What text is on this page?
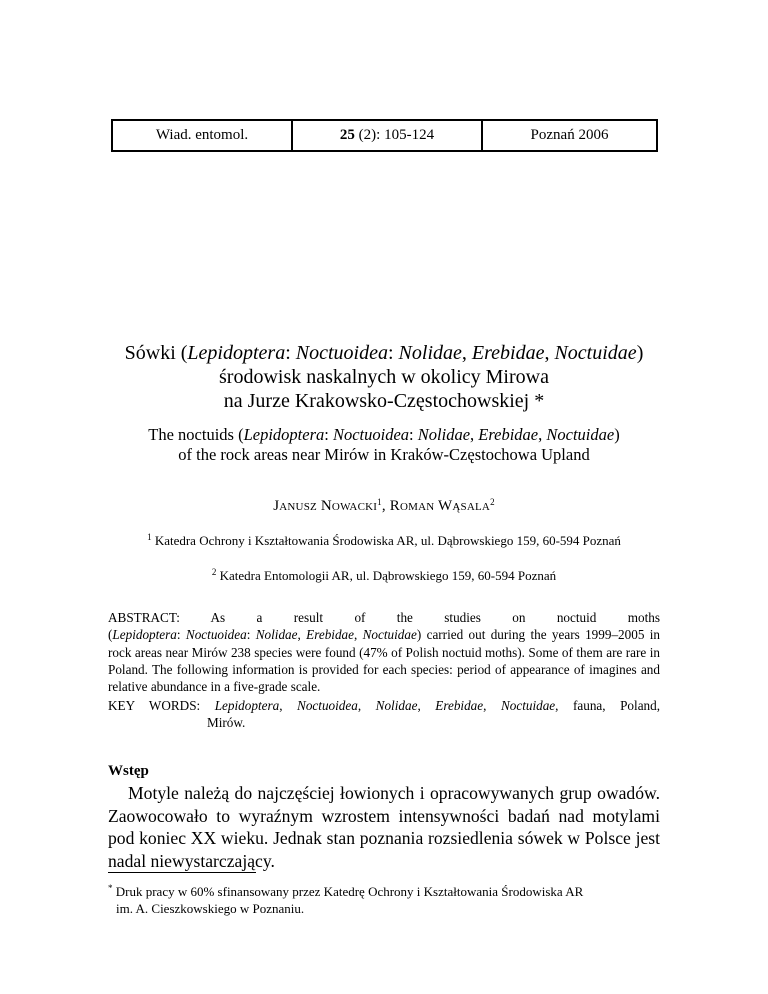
Wiad. entomol.	25 (2): 105-124	Poznań 2006
Sówki (Lepidoptera: Noctuoidea: Nolidae, Erebidae, Noctuidae)
środowisk naskalnych w okolicy Mirowa
na Jurze Krakowsko-Częstochowskiej *
The noctuids (Lepidoptera: Noctuoidea: Nolidae, Erebidae, Noctuidae)
of the rock areas near Mirów in Kraków-Częstochowa Upland
Janusz Nowacki$^1$, Roman Wąsala$^2$
$^1$ Katedra Ochrony i Kształtowania Środowiska AR, ul. Dąbrowskiego 159, 60-594 Poznań
$^2$ Katedra Entomologii AR, ul. Dąbrowskiego 159, 60-594 Poznań
ABSTRACT: As a result of the studies on noctuid moths (Lepidoptera: Noctuoidea: Nolidae, Erebidae, Noctuidae) carried out during the years 1999–2005 in rock areas near Mirów 238 species were found (47% of Polish noctuid moths). Some of them are rare in Poland. The following information is provided for each species: period of appearance of imagines and relative abundance in a five-grade scale.
KEY WORDS: Lepidoptera, Noctuoidea, Nolidae, Erebidae, Noctuidae, fauna, Poland,
Mirów.
Wstęp
Motyle należą do najczęściej łowionych i opracowywanych grup owadów. Zaowocowało to wyraźnym wzrostem intensywności badań nad motylami pod koniec XX wieku. Jednak stan poznania rozsiedlenia sówek w Polsce jest nadal niewystarczający.
* Druk pracy w 60% sfinansowany przez Katedrę Ochrony i Kształtowania Środowiska AR
im. A. Cieszkowskiego w Poznaniu.
